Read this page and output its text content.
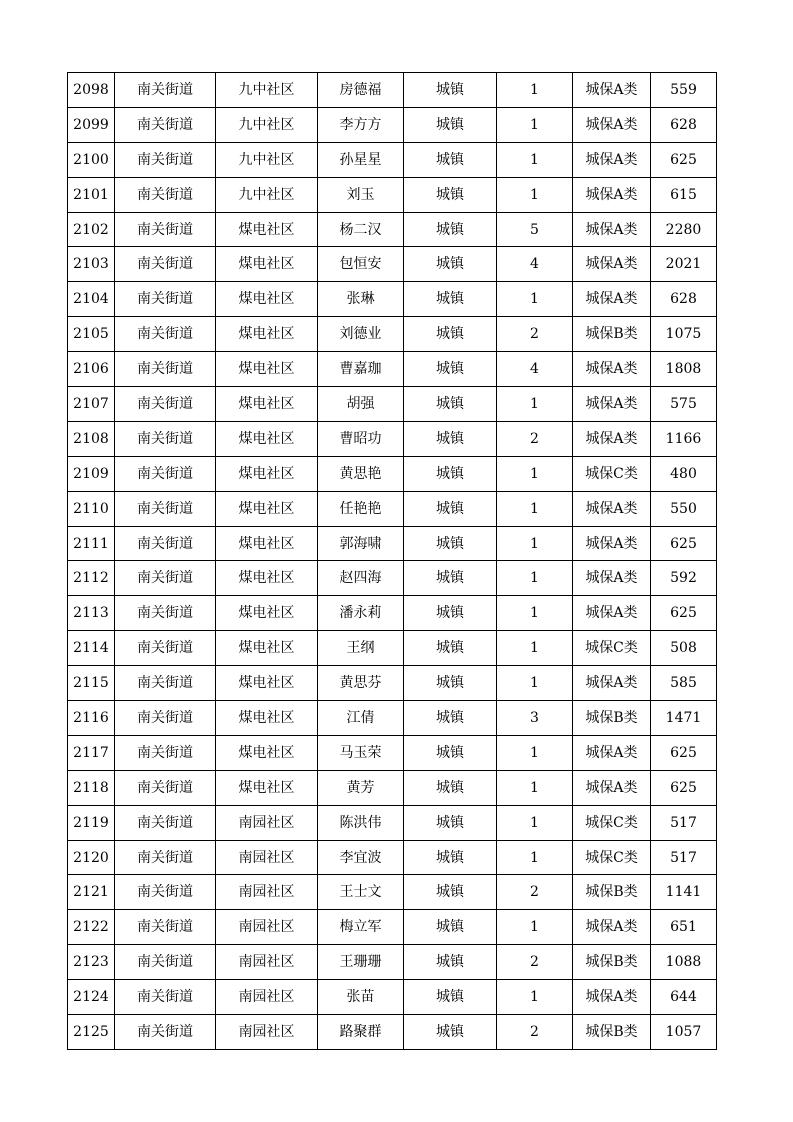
2098	南关街道	九中社区	房德福	城镇	1	城保A类	559
2099	南关街道	九中社区	李方方	城镇	1	城保A类	628
2100	南关街道	九中社区	孙星星	城镇	1	城保A类	625
2101	南关街道	九中社区	刘玉	城镇	1	城保A类	615
2102	南关街道	煤电社区	杨二汉	城镇	5	城保A类	2280
2103	南关街道	煤电社区	包恒安	城镇	4	城保A类	2021
2104	南关街道	煤电社区	张琳	城镇	1	城保A类	628
2105	南关街道	煤电社区	刘德业	城镇	2	城保B类	1075
2106	南关街道	煤电社区	曹嘉珈	城镇	4	城保A类	1808
2107	南关街道	煤电社区	胡强	城镇	1	城保A类	575
2108	南关街道	煤电社区	曹昭功	城镇	2	城保A类	1166
2109	南关街道	煤电社区	黄思艳	城镇	1	城保C类	480
2110	南关街道	煤电社区	任艳艳	城镇	1	城保A类	550
2111	南关街道	煤电社区	郭海啸	城镇	1	城保A类	625
2112	南关街道	煤电社区	赵四海	城镇	1	城保A类	592
2113	南关街道	煤电社区	潘永莉	城镇	1	城保A类	625
2114	南关街道	煤电社区	王纲	城镇	1	城保C类	508
2115	南关街道	煤电社区	黄思芬	城镇	1	城保A类	585
2116	南关街道	煤电社区	江倩	城镇	3	城保B类	1471
2117	南关街道	煤电社区	马玉荣	城镇	1	城保A类	625
2118	南关街道	煤电社区	黄芳	城镇	1	城保A类	625
2119	南关街道	南园社区	陈洪伟	城镇	1	城保C类	517
2120	南关街道	南园社区	李宜波	城镇	1	城保C类	517
2121	南关街道	南园社区	王士文	城镇	2	城保B类	1141
2122	南关街道	南园社区	梅立军	城镇	1	城保A类	651
2123	南关街道	南园社区	王珊珊	城镇	2	城保B类	1088
2124	南关街道	南园社区	张苗	城镇	1	城保A类	644
2125	南关街道	南园社区	路聚群	城镇	2	城保B类	1057
